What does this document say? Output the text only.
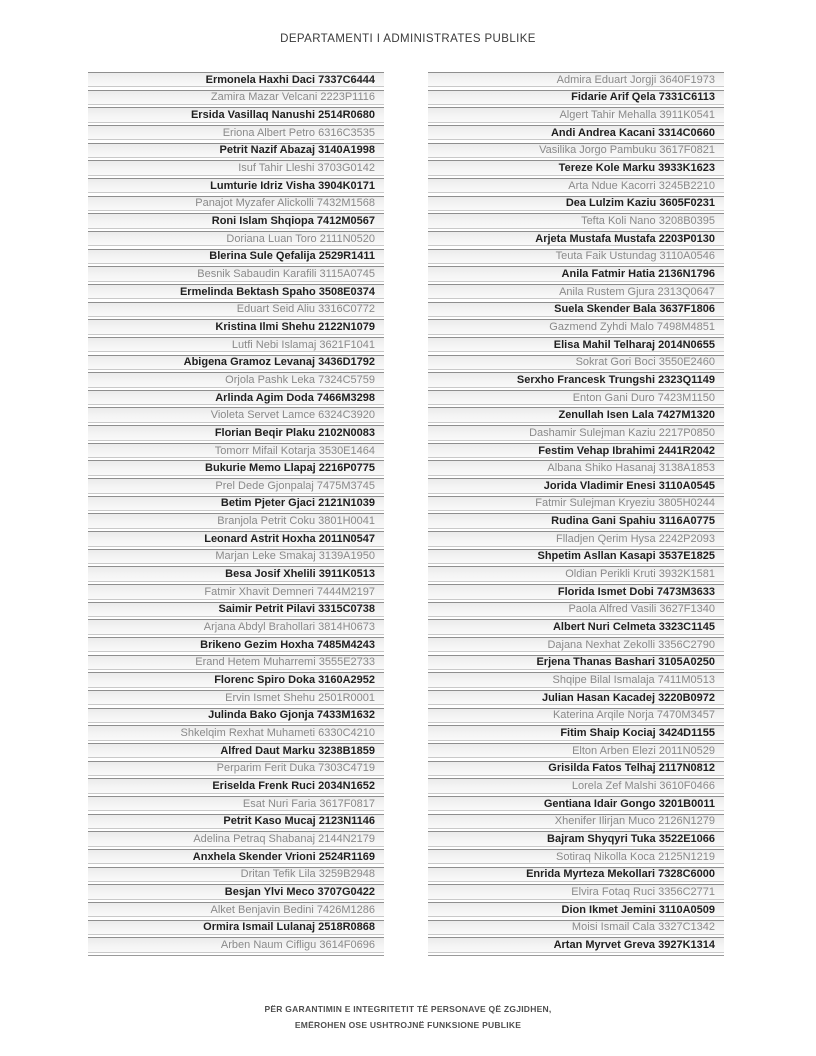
DEPARTAMENTI I ADMINISTRATES PUBLIKE
Ermonela Haxhi Daci 7337C6444
Zamira Mazar Velcani 2223P1116
Ersida Vasillaq Nanushi 2514R0680
Eriona Albert Petro 6316C3535
Petrit Nazif Abazaj 3140A1998
Isuf Tahir Lleshi 3703G0142
Lumturie Idriz Visha 3904K0171
Panajot Myzafer Alickolli 7432M1568
Roni Islam Shqiopa 7412M0567
Doriana Luan Toro 2111N0520
Blerina Sule Qefalija 2529R1411
Besnik Sabaudin Karafili 3115A0745
Ermelinda Bektash Spaho 3508E0374
Eduart Seid Aliu 3316C0772
Kristina Ilmi Shehu 2122N1079
Lutfi Nebi Islamaj 3621F1041
Abigena Gramoz Levanaj 3436D1792
Orjola Pashk Leka 7324C5759
Arlinda Agim Doda 7466M3298
Violeta Servet Lamce 6324C3920
Florian Beqir Plaku 2102N0083
Tomorr Mifail Kotarja 3530E1464
Bukurie Memo Llapaj 2216P0775
Prel Dede Gjonpalaj 7475M3745
Betim Pjeter Gjaci 2121N1039
Branjola Petrit Coku 3801H0041
Leonard Astrit Hoxha 2011N0547
Marjan Leke Smakaj 3139A1950
Besa Josif Xhelili 3911K0513
Fatmir Xhavit Demneri 7444M2197
Saimir Petrit Pilavi 3315C0738
Arjana Abdyl Brahollari 3814H0673
Brikeno Gezim Hoxha 7485M4243
Erand Hetem Muharremi 3555E2733
Florenc Spiro Doka 3160A2952
Ervin Ismet Shehu 2501R0001
Julinda Bako Gjonja 7433M1632
Shkelqim Rexhat Muhameti 6330C4210
Alfred Daut Marku 3238B1859
Perparim Ferit Duka 7303C4719
Eriselda Frenk Ruci 2034N1652
Esat Nuri Faria 3617F0817
Petrit Kaso Mucaj 2123N1146
Adelina Petraq Shabanaj 2144N2179
Anxhela Skender Vrioni 2524R1169
Dritan Tefik Lila 3259B2948
Besjan Ylvi Meco 3707G0422
Alket Benjavin Bedini 7426M1286
Ormira Ismail Lulanaj 2518R0868
Arben Naum Cifligu 3614F0696
Admira Eduart Jorgji 3640F1973
Fidarie Arif Qela 7331C6113
Algert Tahir Mehalla 3911K0541
Andi Andrea Kacani 3314C0660
Vasilika Jorgo Pambuku 3617F0821
Tereze Kole Marku 3933K1623
Arta Ndue Kacorri 3245B2210
Dea Lulzim Kaziu 3605F0231
Tefta Koli Nano 3208B0395
Arjeta Mustafa Mustafa 2203P0130
Teuta Faik Ustundag 3110A0546
Anila Fatmir Hatia 2136N1796
Anila Rustem Gjura 2313Q0647
Suela Skender Bala 3637F1806
Gazmend Zyhdi Malo 7498M4851
Elisa Mahil Telharaj 2014N0655
Sokrat Gori Boci 3550E2460
Serxho Francesk Trungshi 2323Q1149
Enton Gani Duro 7423M1150
Zenullah Isen Lala 7427M1320
Dashamir Sulejman Kaziu 2217P0850
Festim Vehap Ibrahimi 2441R2042
Albana Shiko Hasanaj 3138A1853
Jorida Vladimir Enesi 3110A0545
Fatmir Sulejman Kryeziu 3805H0244
Rudina Gani Spahiu 3116A0775
Flladjen Qerim Hysa 2242P2093
Shpetim Asllan Kasapi 3537E1825
Oldian Perikli Kruti 3932K1581
Florida Ismet Dobi 7473M3633
Paola Alfred Vasili 3627F1340
Albert Nuri Celmeta 3323C1145
Dajana Nexhat Zekolli 3356C2790
Erjena Thanas Bashari 3105A0250
Shqipe Bilal Ismalaja 7411M0513
Julian Hasan Kacadej 3220B0972
Katerina Arqile Norja 7470M3457
Fitim Shaip Kociaj 3424D1155
Elton Arben Elezi 2011N0529
Grisilda Fatos Telhaj 2117N0812
Lorela Zef Malshi 3610F0466
Gentiana Idair Gongo 3201B0011
Xhenifer Ilirjan Muco 2126N1279
Bajram Shyqyri Tuka 3522E1066
Sotiraq Nikolla Koca 2125N1219
Enrida Myrteza Mekollari 7328C6000
Elvira Fotaq Ruci 3356C2771
Dion Ikmet Jemini 3110A0509
Moisi Ismail Cala 3327C1342
Artan Myrvet Greva 3927K1314
PËR GARANTIMIN E INTEGRITETIT TË PERSONAVE QË ZGJIDHEN,
EMËROHEN OSE USHTROJNË FUNKSIONE PUBLIKE
